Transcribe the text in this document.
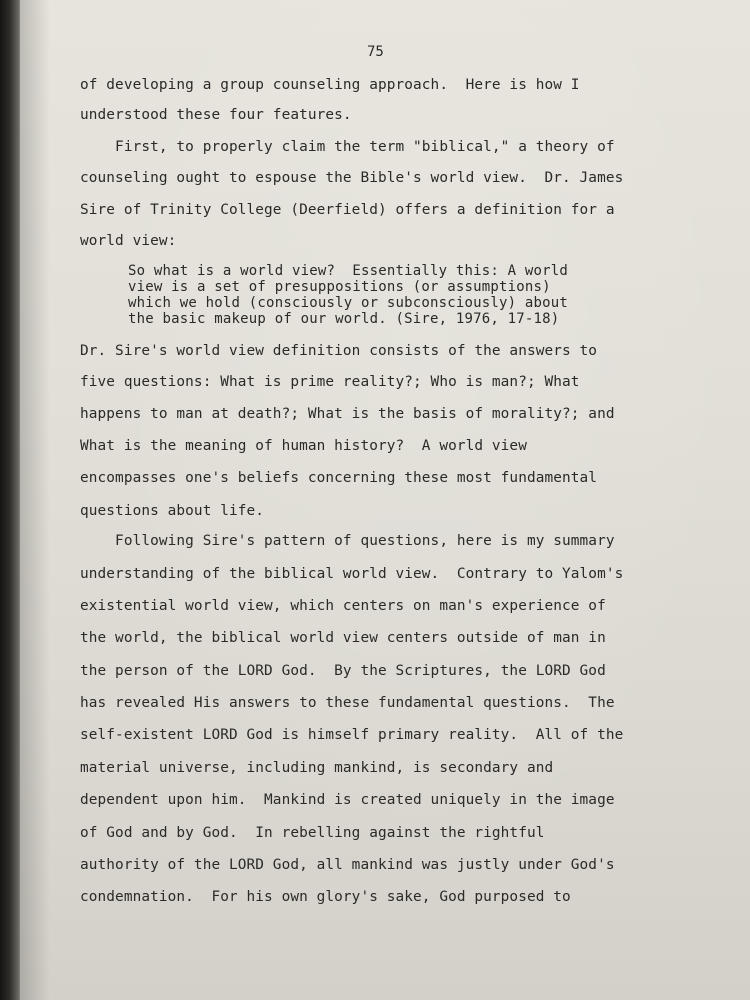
75
of developing a group counseling approach.  Here is how I
understood these four features.
First, to properly claim the term "biblical," a theory of
counseling ought to espouse the Bible's world view.  Dr. James
Sire of Trinity College (Deerfield) offers a definition for a
world view:
So what is a world view?  Essentially this: A world
view is a set of presuppositions (or assumptions)
which we hold (consciously or subconsciously) about
the basic makeup of our world. (Sire, 1976, 17-18)
Dr. Sire's world view definition consists of the answers to
five questions: What is prime reality?; Who is man?; What
happens to man at death?; What is the basis of morality?; and
What is the meaning of human history?  A world view
encompasses one's beliefs concerning these most fundamental
questions about life.
Following Sire's pattern of questions, here is my summary
understanding of the biblical world view.  Contrary to Yalom's
existential world view, which centers on man's experience of
the world, the biblical world view centers outside of man in
the person of the LORD God.  By the Scriptures, the LORD God
has revealed His answers to these fundamental questions.  The
self-existent LORD God is himself primary reality.  All of the
material universe, including mankind, is secondary and
dependent upon him.  Mankind is created uniquely in the image
of God and by God.  In rebelling against the rightful
authority of the LORD God, all mankind was justly under God's
condemnation.  For his own glory's sake, God purposed to
